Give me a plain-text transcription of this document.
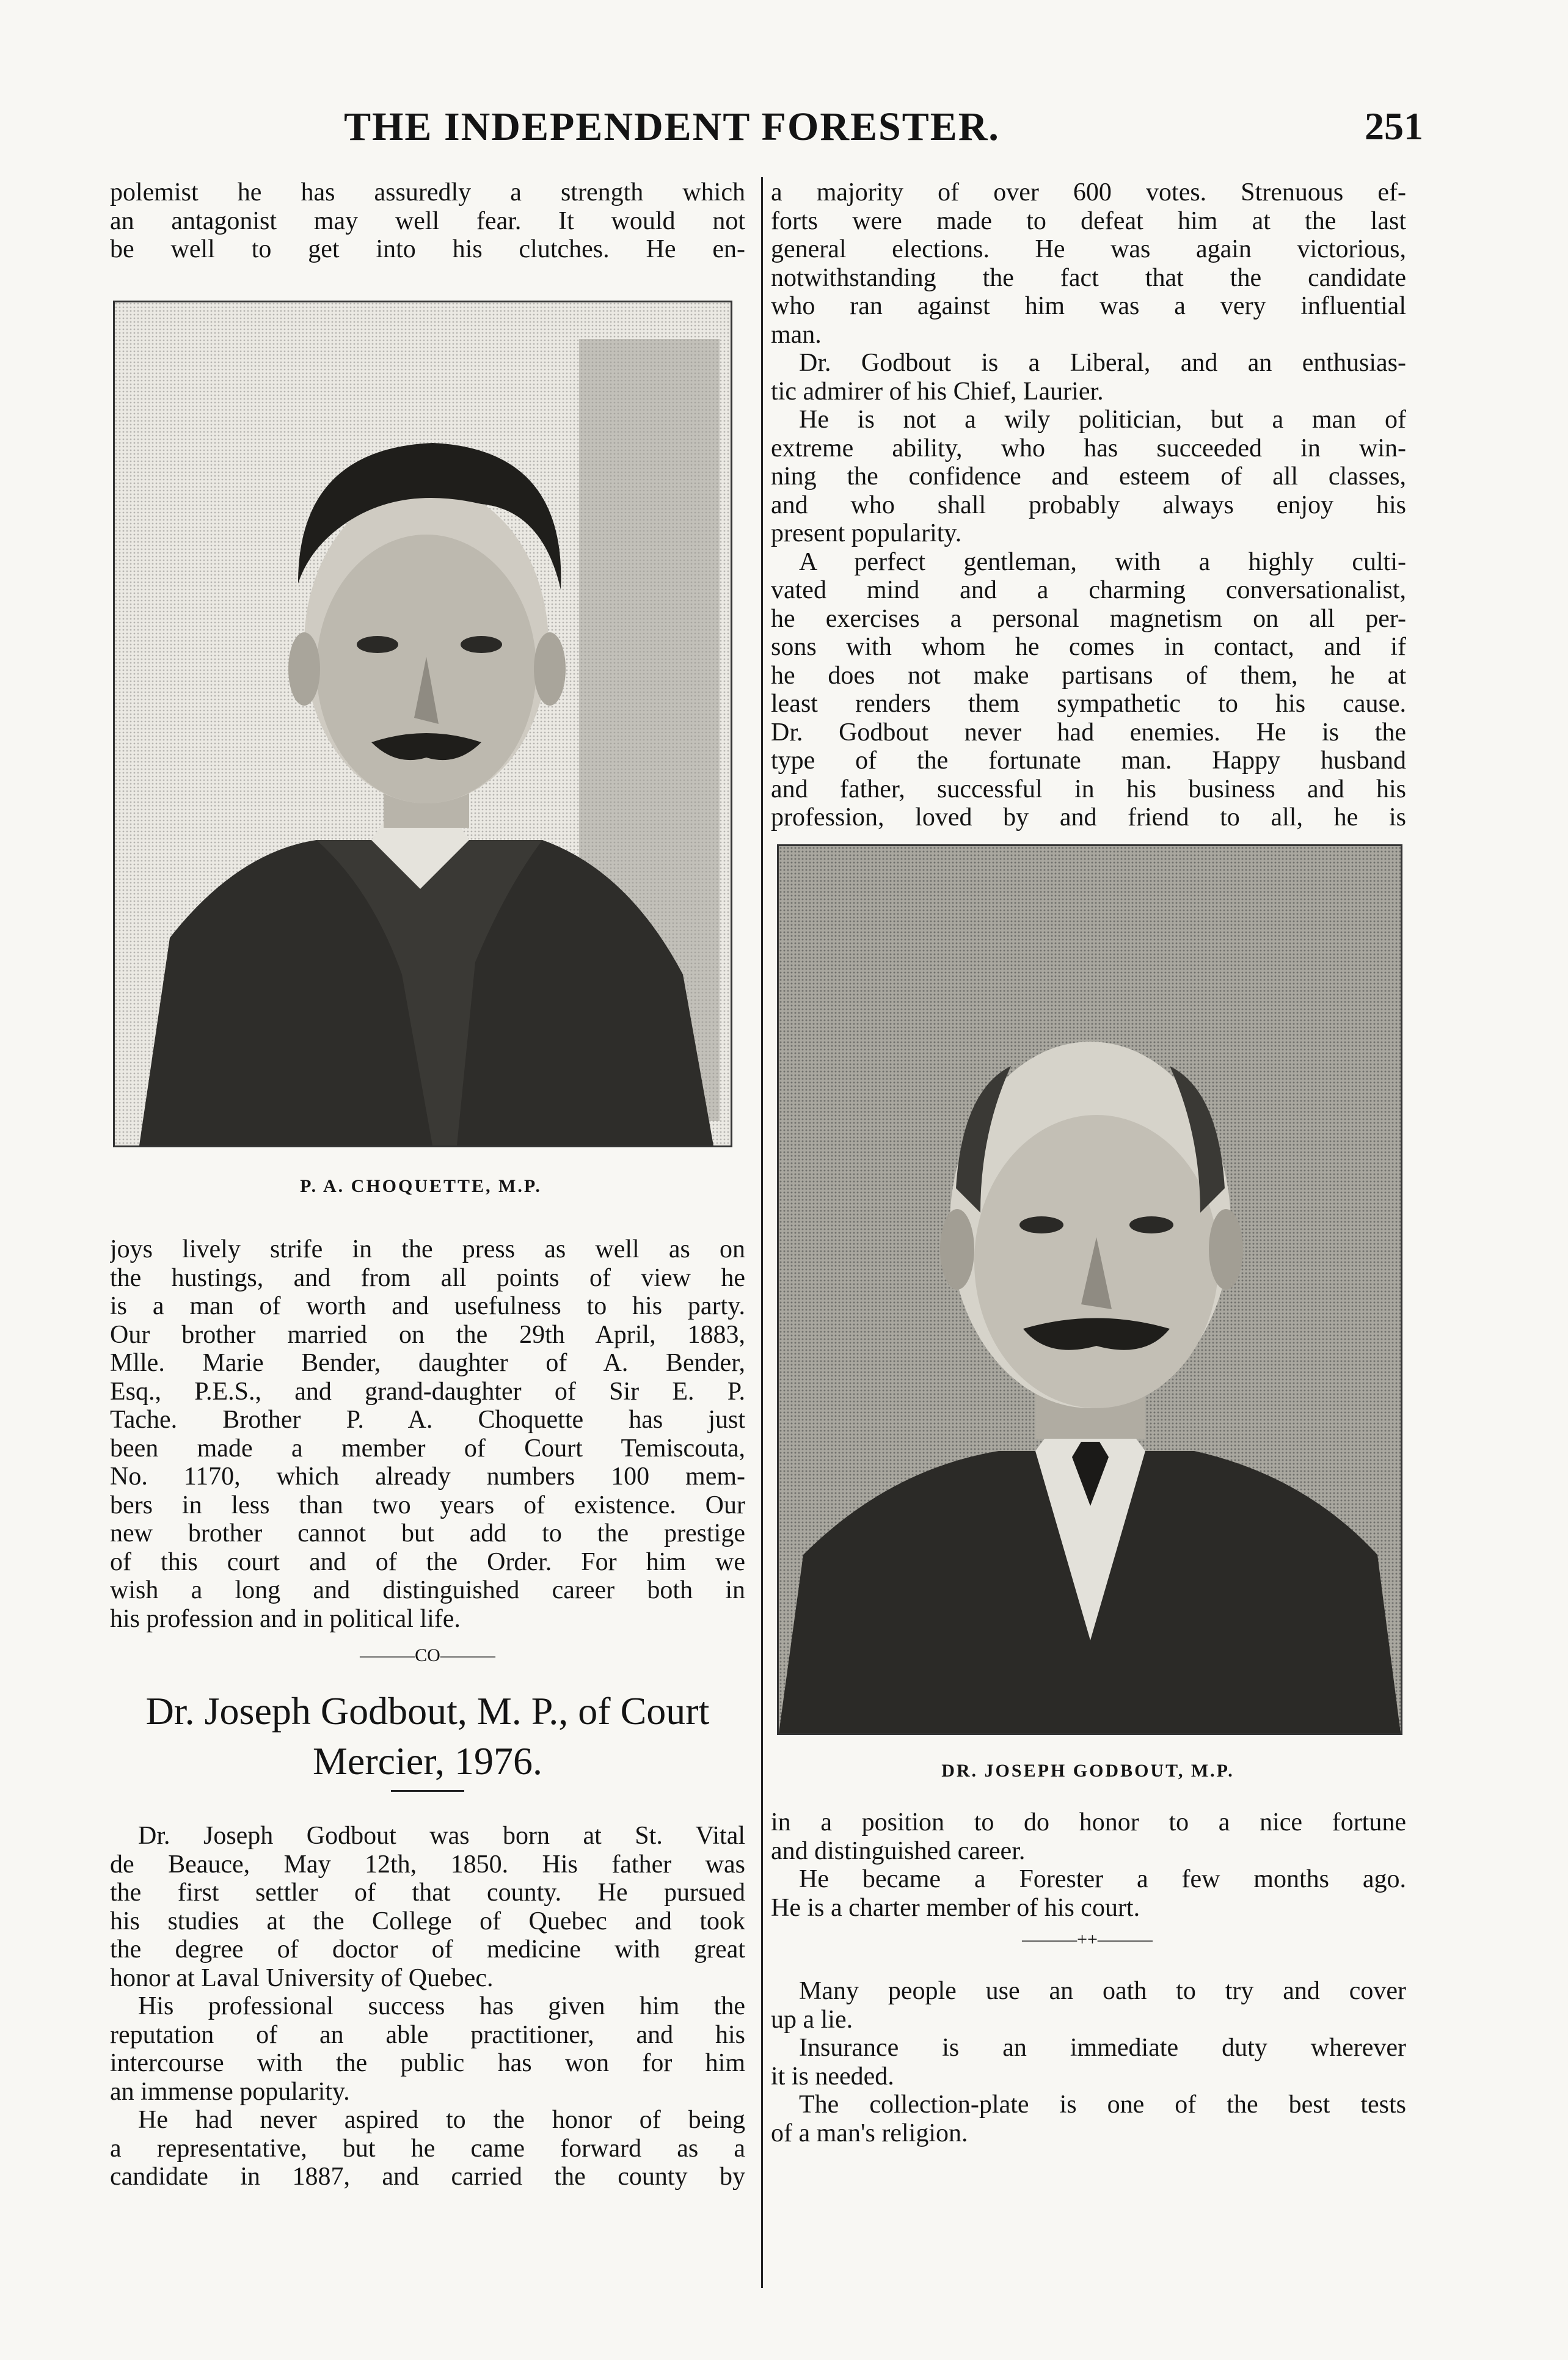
THE INDEPENDENT FORESTER.	251
polemist he has assuredly a strength which
an antagonist may well fear. It would not
be well to get into his clutches. He en-
P. A. CHOQUETTE, M.P.
joys lively strife in the press as well as on
the hustings, and from all points of view he
is a man of worth and usefulness to his party.
Our brother married on the 29th April, 1883,
Mlle. Marie Bender, daughter of A. Bender,
Esq., P.E.S., and grand-daughter of Sir E. P.
Tache. Brother P. A. Choquette has just
been made a member of Court Temiscouta,
No. 1170, which already numbers 100 mem-
bers in less than two years of existence. Our
new brother cannot but add to the prestige
of this court and of the Order. For him we
wish a long and distinguished career both in
his profession and in political life.
———CO———
Dr. Joseph Godbout, M. P., of Court Mercier, 1976.
Dr. Joseph Godbout was born at St. Vital
de Beauce, May 12th, 1850. His father was
the first settler of that county. He pursued
his studies at the College of Quebec and took
the degree of doctor of medicine with great
honor at Laval University of Quebec.
His professional success has given him the
reputation of an able practitioner, and his
intercourse with the public has won for him
an immense popularity.
He had never aspired to the honor of being
a representative, but he came forward as a
candidate in 1887, and carried the county by
a majority of over 600 votes. Strenuous ef-
forts were made to defeat him at the last
general elections. He was again victorious,
notwithstanding the fact that the candidate
who ran against him was a very influential
man.
Dr. Godbout is a Liberal, and an enthusias-
tic admirer of his Chief, Laurier.
He is not a wily politician, but a man of
extreme ability, who has succeeded in win-
ning the confidence and esteem of all classes,
and who shall probably always enjoy his
present popularity.
A perfect gentleman, with a highly culti-
vated mind and a charming conversationalist,
he exercises a personal magnetism on all per-
sons with whom he comes in contact, and if
he does not make partisans of them, he at
least renders them sympathetic to his cause.
Dr. Godbout never had enemies. He is the
type of the fortunate man. Happy husband
and father, successful in his business and his
profession, loved by and friend to all, he is
DR. JOSEPH GODBOUT, M.P.
in a position to do honor to a nice fortune
and distinguished career.
He became a Forester a few months ago.
He is a charter member of his court.
———++———
Many people use an oath to try and cover
up a lie.
Insurance is an immediate duty wherever
it is needed.
The collection-plate is one of the best tests
of a man's religion.
